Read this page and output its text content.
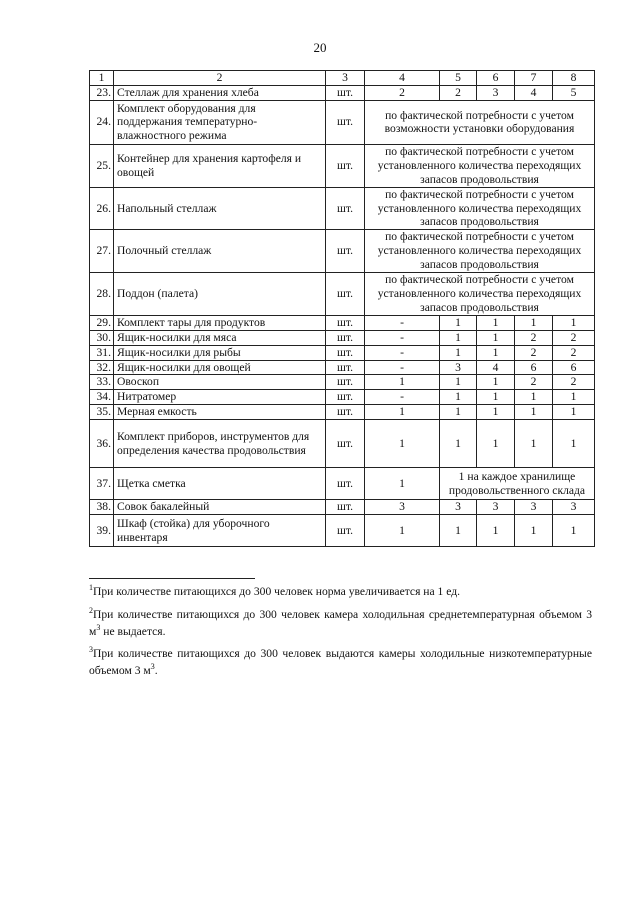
20
1	2	3	4	5	6	7	8
23.	Стеллаж для хранения хлеба	шт.	2	2	3	4	5
24.	Комплект оборудования для поддержания температурно-влажностного режима	шт.	по фактической потребности с учетом возможности установки оборудования				
25.	Контейнер для хранения картофеля и овощей	шт.	по фактической потребности с учетом установленного количества переходящих запасов продовольствия				
26.	Напольный стеллаж	шт.	по фактической потребности с учетом установленного количества переходящих запасов продовольствия				
27.	Полочный стеллаж	шт.	по фактической потребности с учетом установленного количества переходящих запасов продовольствия				
28.	Поддон (палета)	шт.	по фактической потребности с учетом установленного количества переходящих запасов продовольствия				
29.	Комплект тары для продуктов	шт.	-	1	1	1	1
30.	Ящик-носилки для мяса	шт.	-	1	1	2	2
31.	Ящик-носилки для рыбы	шт.	-	1	1	2	2
32.	Ящик-носилки для овощей	шт.	-	3	4	6	6
33.	Овоскоп	шт.	1	1	1	2	2
34.	Нитратомер	шт.	-	1	1	1	1
35.	Мерная емкость	шт.	1	1	1	1	1
36.	Комплект приборов, инструментов для определения качества продовольствия	шт.	1	1	1	1	1
37.	Щетка сметка	шт.	1	1 на каждое хранилище продовольственного склада			
38.	Совок бакалейный	шт.	3	3	3	3	3
39.	Шкаф (стойка) для уборочного инвентаря	шт.	1	1	1	1	1

$^1$При количестве питающихся до 300 человек норма увеличивается на 1 ед.

$^2$При количестве питающихся до 300 человек камера холодильная среднетемпературная объемом 3 $м^3$ не выдается.

$^3$При количестве питающихся до 300 человек выдаются камеры холодильные низкотемпературные объемом 3 $м^3$.
